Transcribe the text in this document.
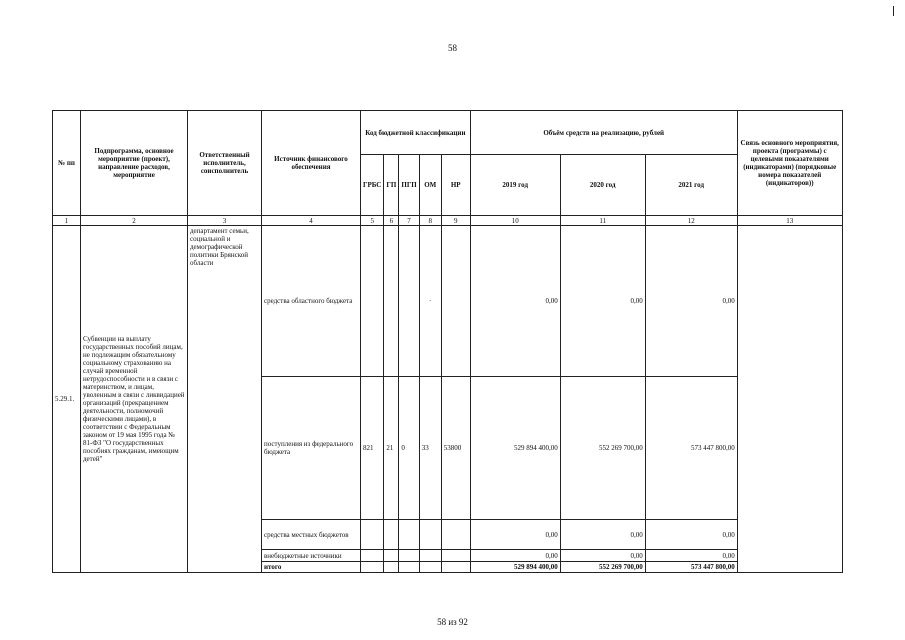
58
№ пп	Подпрограмма, основное мероприятие (проект), направление расходов, мероприятие	Ответственный исполнитель, соисполнитель	Источник финансового обеспечения	Код бюджетной классификации					Объём средств на реализацию, рублей			Связь основного мероприятия, проекта (программы) с целевыми показателями (индикаторами) (порядковые номера показателей (индикаторов))
				ГРБС	ГП	ПГП	ОМ	НР	2019 год	2020 год	2021 год	
1	2	3	4	5	6	7	8	9	10	11	12	13
5.29.1.	Субвенции на выплату государственных пособий лицам, не подлежащим обязательному социальному страхованию на случай временной нетрудоспособности и в связи с материнством, и лицам, уволенным в связи с ликвидацией организаций (прекращением деятельности, полномочий физическими лицами), в соответствии с Федеральным законом от 19 мая 1995 года № 81-ФЗ "О государственных пособиях гражданам, имеющим детей"	департамент семьи, социальной и демографической политики Брянской области	средства областного бюджета				·		0,00	0,00	0,00	
			поступления из федерального бюджета	821	21	0	33	53800	529 894 400,00	552 269 700,00	573 447 800,00	
			средства местных бюджетов						0,00	0,00	0,00	
			внебюджетные источники						0,00	0,00	0,00	
			итого						529 894 400,00	552 269 700,00	573 447 800,00	
58 из 92
